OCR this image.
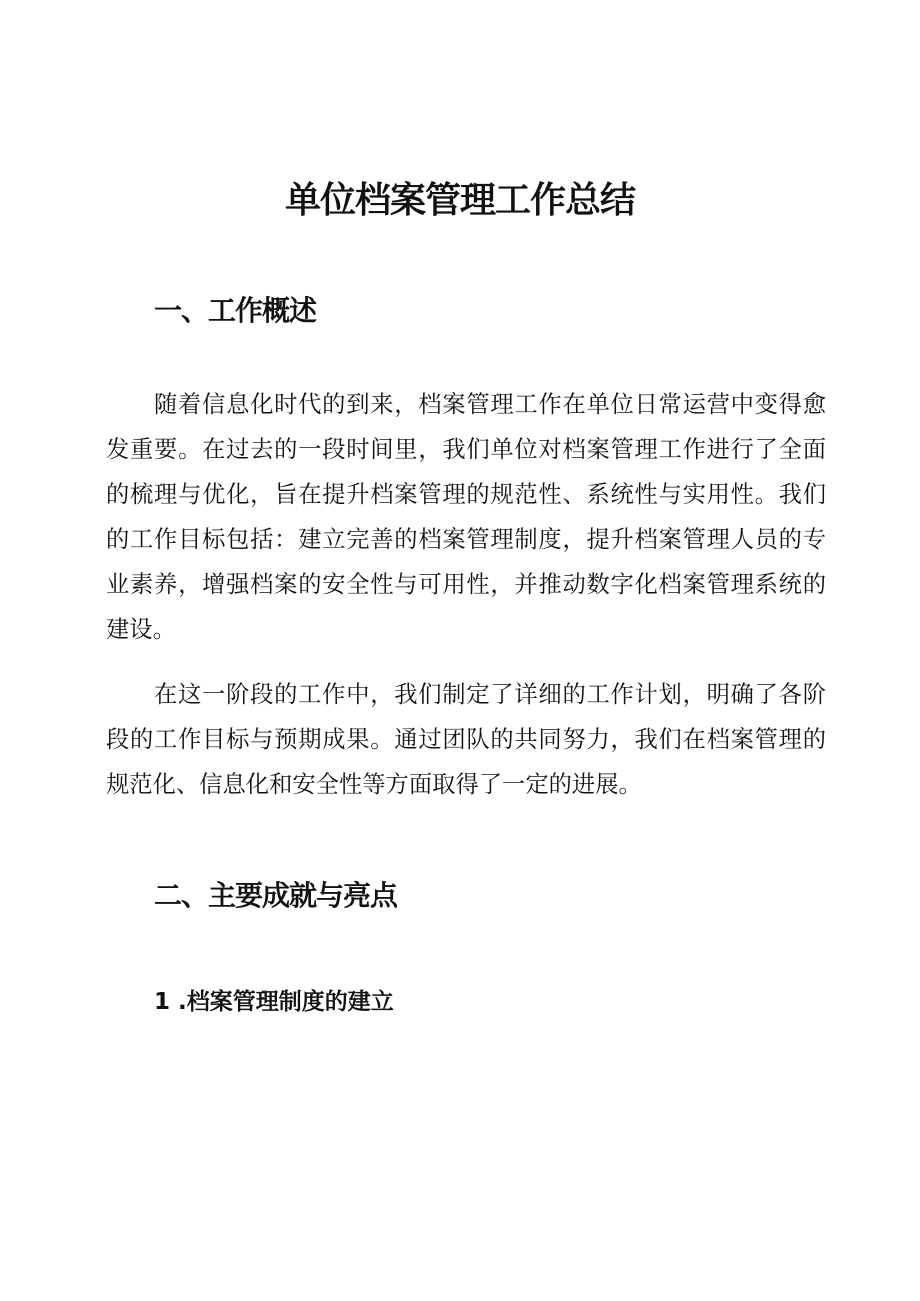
单位档案管理工作总结
一、工作概述

随着信息化时代的到来，档案管理工作在单位日常运营中变得愈发重要。在过去的一段时间里，我们单位对档案管理工作进行了全面的梳理与优化，旨在提升档案管理的规范性、系统性与实用性。我们的工作目标包括：建立完善的档案管理制度，提升档案管理人员的专业素养，增强档案的安全性与可用性，并推动数字化档案管理系统的建设。

在这一阶段的工作中，我们制定了详细的工作计划，明确了各阶段的工作目标与预期成果。通过团队的共同努力，我们在档案管理的规范化、信息化和安全性等方面取得了一定的进展。

二、主要成就与亮点
1 .档案管理制度的建立
